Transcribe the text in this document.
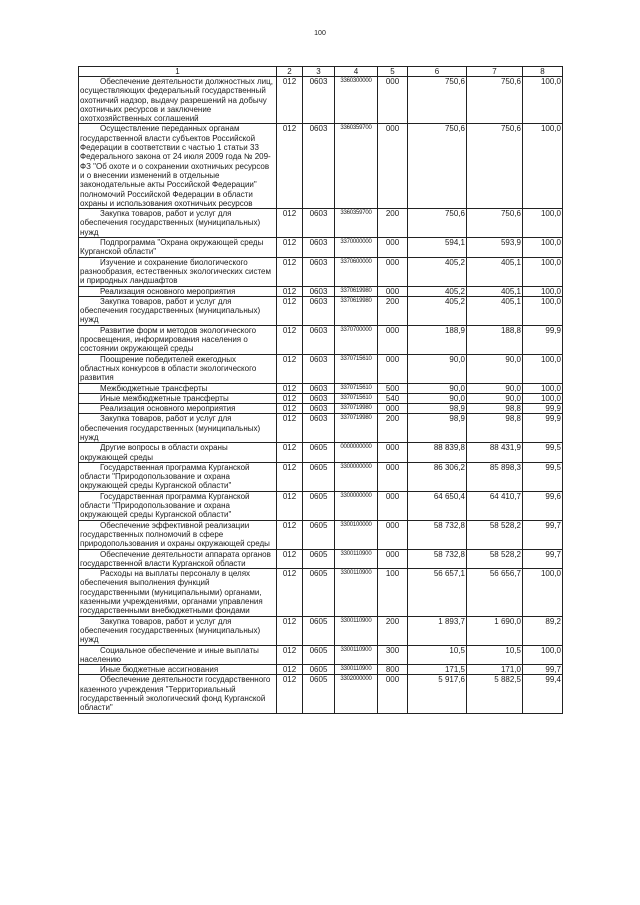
100
1	2	3	4	5	6	7	8

Обеспечение деятельности должностных лиц, осуществляющих федеральный государственный охотничий надзор, выдачу разрешений на добычу охотничьих ресурсов и заключение охотхозяйственных соглашений	012	0603	3360300000	000	750,6	750,6	100,0

Осуществление переданных органам государственной власти субъектов Российской Федерации в соответствии с частью 1 статьи 33 Федерального закона от 24 июля 2009 года № 209-ФЗ "Об охоте и о сохранении охотничьих ресурсов и о внесении изменений в отдельные законодательные акты Российской Федерации" полномочий Российской Федерации в области охраны и использования охотничьих ресурсов	012	0603	3360359700	000	750,6	750,6	100,0

Закупка товаров, работ и услуг для обеспечения государственных (муниципальных) нужд	012	0603	3360359700	200	750,6	750,6	100,0

Подпрограмма "Охрана окружающей среды Курганской области"	012	0603	3370000000	000	594,1	593,9	100,0

Изучение и сохранение биологического разнообразия, естественных экологических систем и природных ландшафтов	012	0603	3370600000	000	405,2	405,1	100,0

Реализация основного мероприятия	012	0603	3370619980	000	405,2	405,1	100,0

Закупка товаров, работ и услуг для обеспечения государственных (муниципальных) нужд	012	0603	3370619980	200	405,2	405,1	100,0

Развитие форм и методов экологического просвещения, информирования населения о состоянии окружающей среды	012	0603	3370700000	000	188,9	188,8	99,9

Поощрение победителей ежегодных областных конкурсов в области экологического развития	012	0603	3370715610	000	90,0	90,0	100,0

Межбюджетные трансферты	012	0603	3370715610	500	90,0	90,0	100,0

Иные межбюджетные трансферты	012	0603	3370715610	540	90,0	90,0	100,0

Реализация основного мероприятия	012	0603	3370719980	000	98,9	98,8	99,9

Закупка товаров, работ и услуг для обеспечения государственных (муниципальных) нужд	012	0603	3370719980	200	98,9	98,8	99,9

Другие вопросы в области охраны окружающей среды	012	0605	0000000000	000	88 839,8	88 431,9	99,5

Государственная программа Курганской области "Природопользование и охрана окружающей среды Курганской области"	012	0605	3300000000	000	86 306,2	85 898,3	99,5

Государственная программа Курганской области "Природопользование и охрана окружающей среды Курганской области"	012	0605	3300000000	000	64 650,4	64 410,7	99,6

Обеспечение эффективной реализации государственных полномочий в сфере природопользования и охраны окружающей среды	012	0605	3300100000	000	58 732,8	58 528,2	99,7

Обеспечение деятельности аппарата органов государственной власти Курганской области	012	0605	3300110900	000	58 732,8	58 528,2	99,7

Расходы на выплаты персоналу в целях обеспечения выполнения функций государственными (муниципальными) органами, казенными учреждениями, органами управления государственными внебюджетными фондами	012	0605	3300110900	100	56 657,1	56 656,7	100,0

Закупка товаров, работ и услуг для обеспечения государственных (муниципальных) нужд	012	0605	3300110900	200	1 893,7	1 690,0	89,2

Социальное обеспечение и иные выплаты населению	012	0605	3300110900	300	10,5	10,5	100,0

Иные бюджетные ассигнования	012	0605	3300110900	800	171,5	171,0	99,7

Обеспечение деятельности государственного казенного учреждения "Территориальный государственный экологический фонд Курганской области"	012	0605	3302000000	000	5 917,6	5 882,5	99,4
